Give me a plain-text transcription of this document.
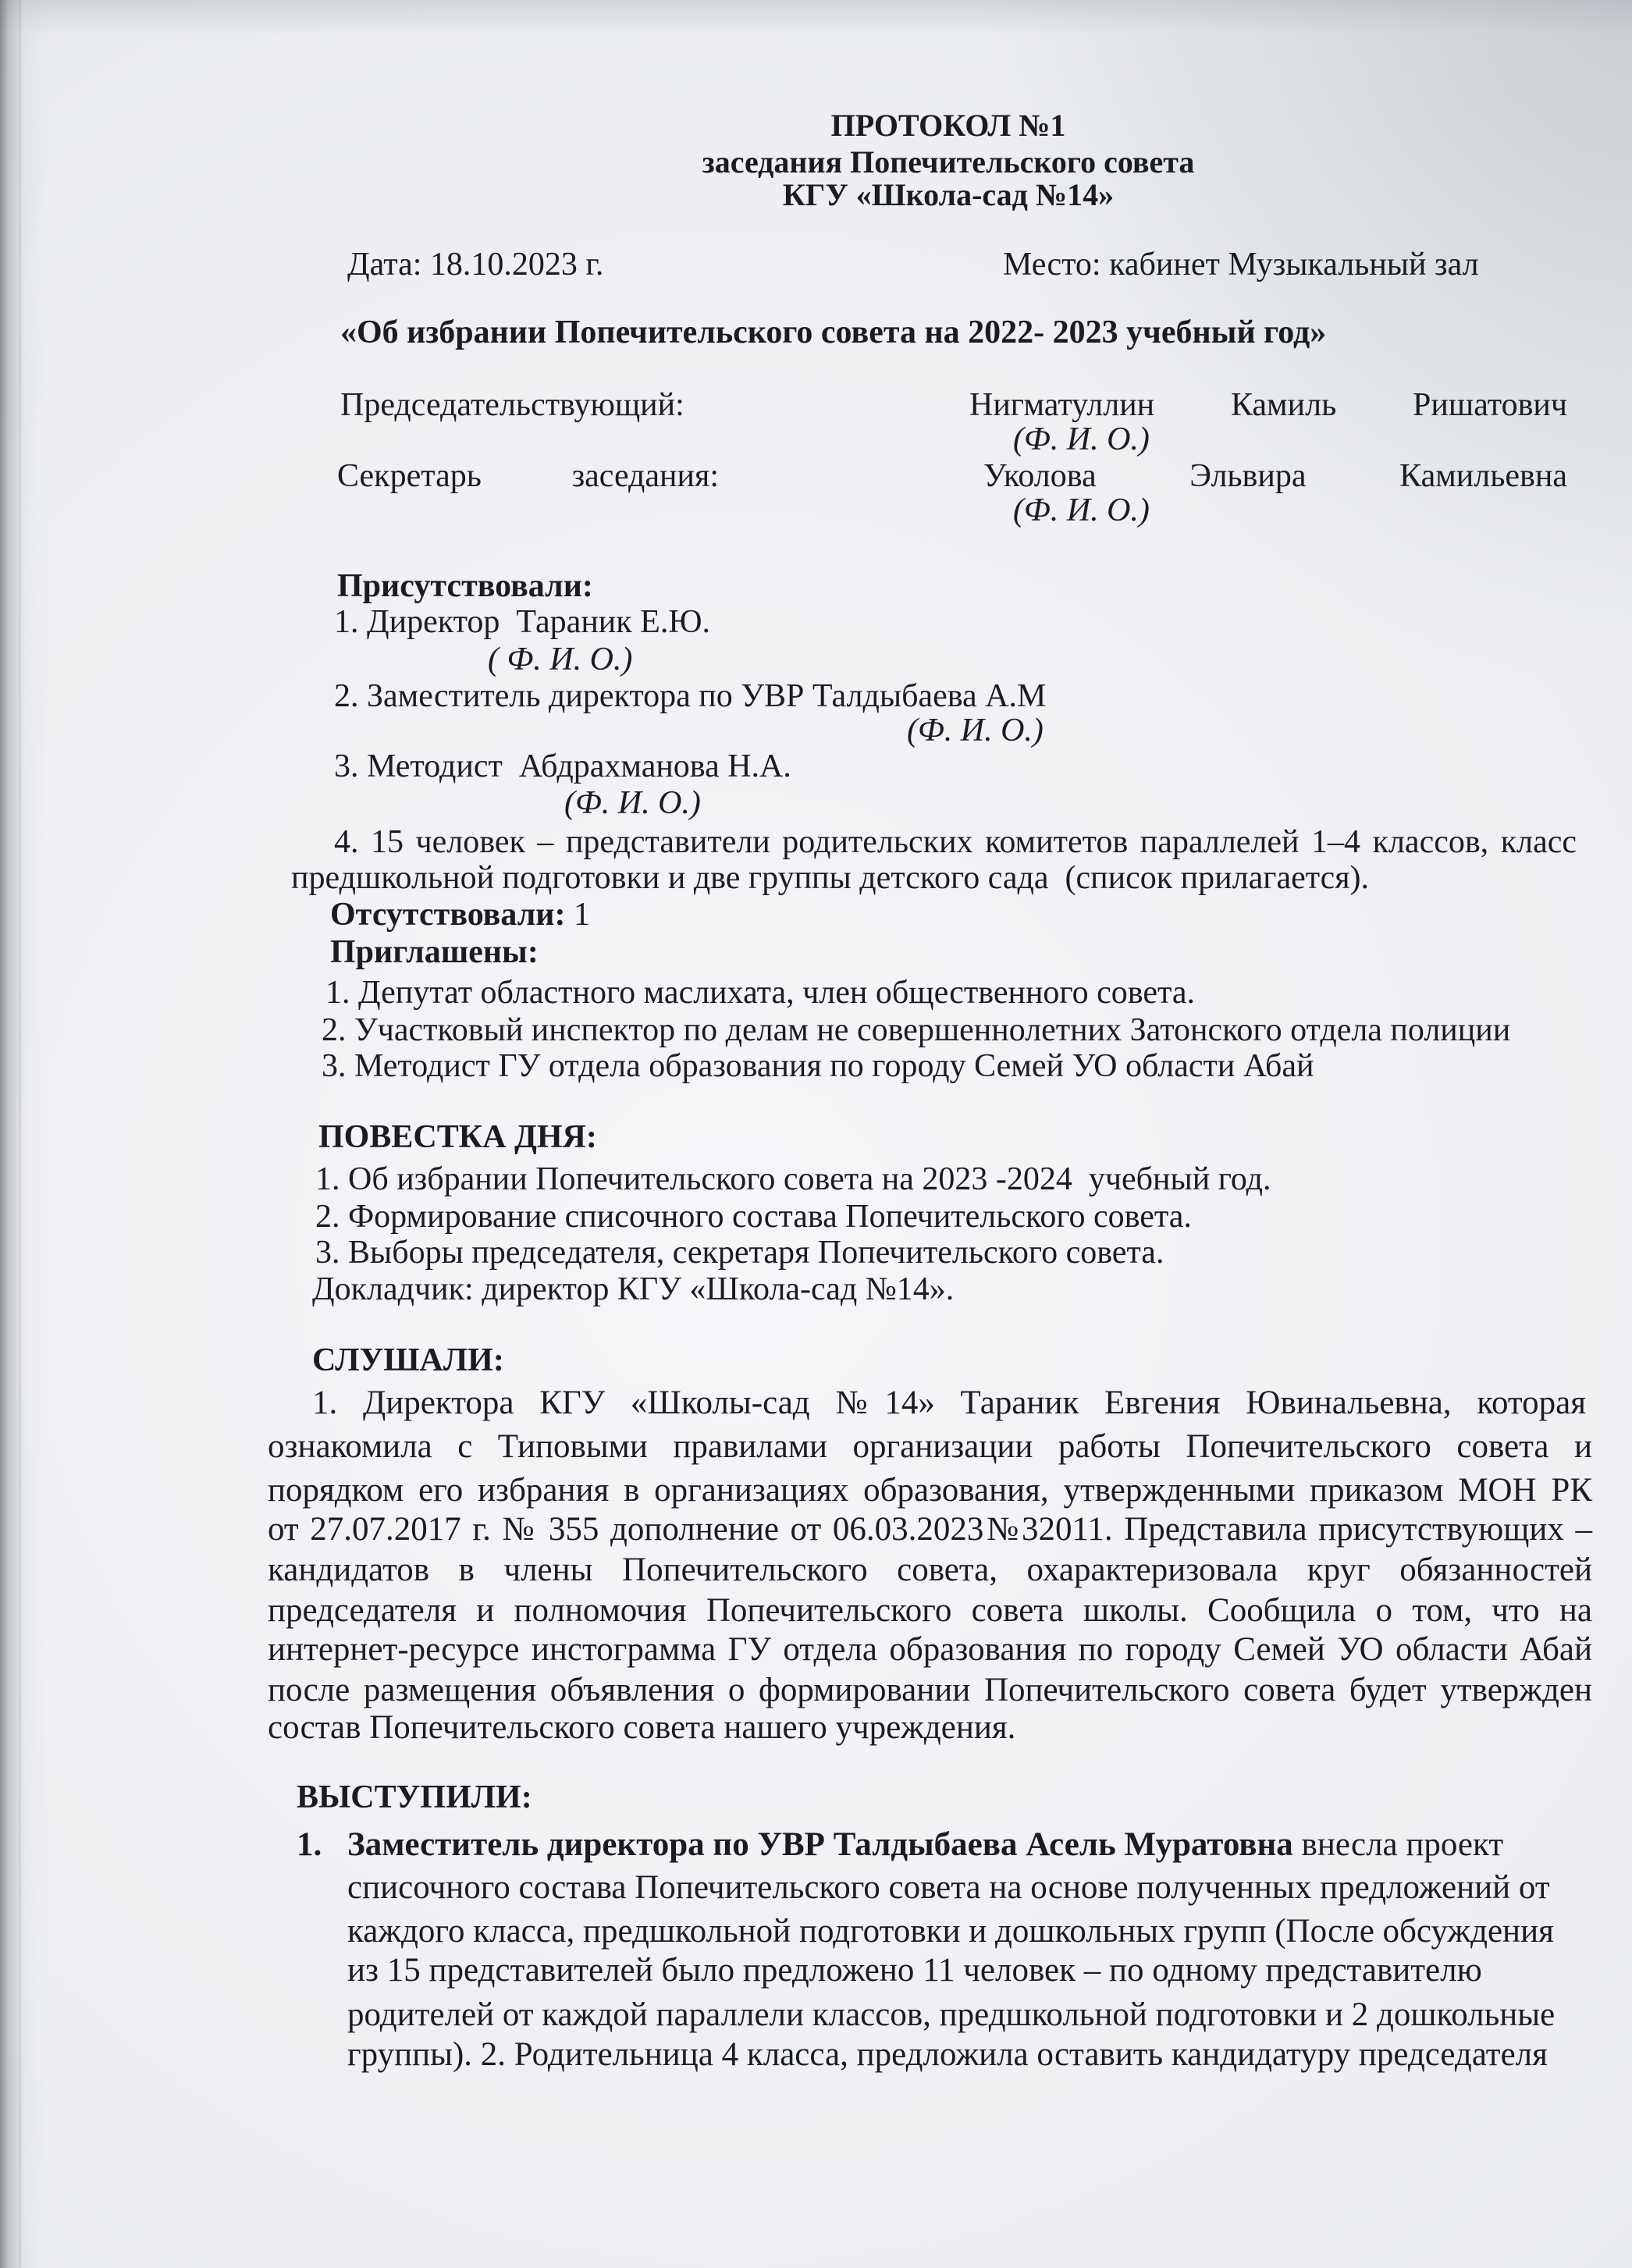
ПРОТОКОЛ №1
заседания Попечительского совета
КГУ «Школа-сад №14»
Дата: 18.10.2023 г.	Место: кабинет Музыкальный зал
«Об избрании Попечительского совета на 2022- 2023 учебный год»
Председательствующий:	Нигматуллин Камиль Ришатович
(Ф. И. О.)
Секретарь	заседания:	Уколова	Эльвира	Камильевна
(Ф. И. О.)
Присутствовали:
1. Директор  Тараник Е.Ю.
( Ф. И. О.)
2. Заместитель директора по УВР Талдыбаева А.М
(Ф. И. О.)
3. Методист  Абдрахманова Н.А.
(Ф. И. О.)
4. 15 человек – представители родительских комитетов параллелей 1–4 классов, класс
предшкольной подготовки и две группы детского сада  (список прилагается).
Отсутствовали: 1
Приглашены:
1. Депутат областного маслихата, член общественного совета.
2. Участковый инспектор по делам не совершеннолетних Затонского отдела полиции
3. Методист ГУ отдела образования по городу Семей УО области Абай
ПОВЕСТКА ДНЯ:
1. Об избрании Попечительского совета на 2023 -2024  учебный год.
2. Формирование списочного состава Попечительского совета.
3. Выборы председателя, секретаря Попечительского совета.
Докладчик: директор КГУ «Школа-сад №14».
СЛУШАЛИ:
1. Директора КГУ «Школы-сад №14» Тараник Евгения Ювинальевна, которая
ознакомила с Типовыми правилами организации работы Попечительского совета и
порядком его избрания в организациях образования, утвержденными приказом МОН РК
от 27.07.2017 г. № 355 дополнение от 06.03.2023№32011. Представила присутствующих –
кандидатов в члены Попечительского совета, охарактеризовала круг обязанностей
председателя и полномочия Попечительского совета школы. Сообщила о том, что на
интернет-ресурсе инстограмма ГУ отдела образования по городу Семей УО области Абай
после размещения объявления о формировании Попечительского совета будет утвержден
состав Попечительского совета нашего учреждения.
ВЫСТУПИЛИ:
1. Заместитель директора по УВР Талдыбаева Асель Муратовна внесла проект
списочного состава Попечительского совета на основе полученных предложений от
каждого класса, предшкольной подготовки и дошкольных групп (После обсуждения
из 15 представителей было предложено 11 человек – по одному представителю
родителей от каждой параллели классов, предшкольной подготовки и 2 дошкольные
группы). 2. Родительница 4 класса, предложила оставить кандидатуру председателя
